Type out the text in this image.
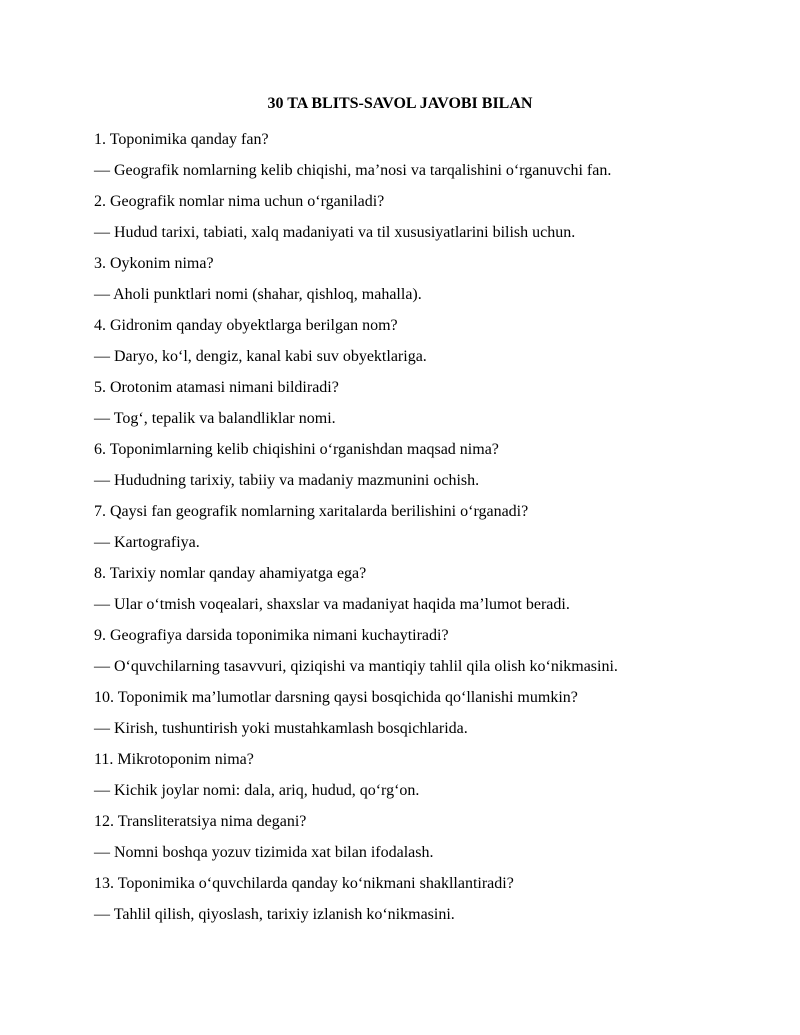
30 TA BLITS-SAVOL JAVOBI BILAN
1. Toponimika qanday fan?
— Geografik nomlarning kelib chiqishi, ma’nosi va tarqalishini o‘rganuvchi fan.
2. Geografik nomlar nima uchun o‘rganiladi?
— Hudud tarixi, tabiati, xalq madaniyati va til xususiyatlarini bilish uchun.
3. Oykonim nima?
— Aholi punktlari nomi (shahar, qishloq, mahalla).
4. Gidronim qanday obyektlarga berilgan nom?
— Daryo, ko‘l, dengiz, kanal kabi suv obyektlariga.
5. Orotonim atamasi nimani bildiradi?
— Tog‘, tepalik va balandliklar nomi.
6. Toponimlarning kelib chiqishini o‘rganishdan maqsad nima?
— Hududning tarixiy, tabiiy va madaniy mazmunini ochish.
7. Qaysi fan geografik nomlarning xaritalarda berilishini o‘rganadi?
— Kartografiya.
8. Tarixiy nomlar qanday ahamiyatga ega?
— Ular o‘tmish voqealari, shaxslar va madaniyat haqida ma’lumot beradi.
9. Geografiya darsida toponimika nimani kuchaytiradi?
— O‘quvchilarning tasavvuri, qiziqishi va mantiqiy tahlil qila olish ko‘nikmasini.
10. Toponimik ma’lumotlar darsning qaysi bosqichida qo‘llanishi mumkin?
— Kirish, tushuntirish yoki mustahkamlash bosqichlarida.
11. Mikrotoponim nima?
— Kichik joylar nomi: dala, ariq, hudud, qo‘rg‘on.
12. Transliteratsiya nima degani?
— Nomni boshqa yozuv tizimida xat bilan ifodalash.
13. Toponimika o‘quvchilarda qanday ko‘nikmani shakllantiradi?
— Tahlil qilish, qiyoslash, tarixiy izlanish ko‘nikmasini.
